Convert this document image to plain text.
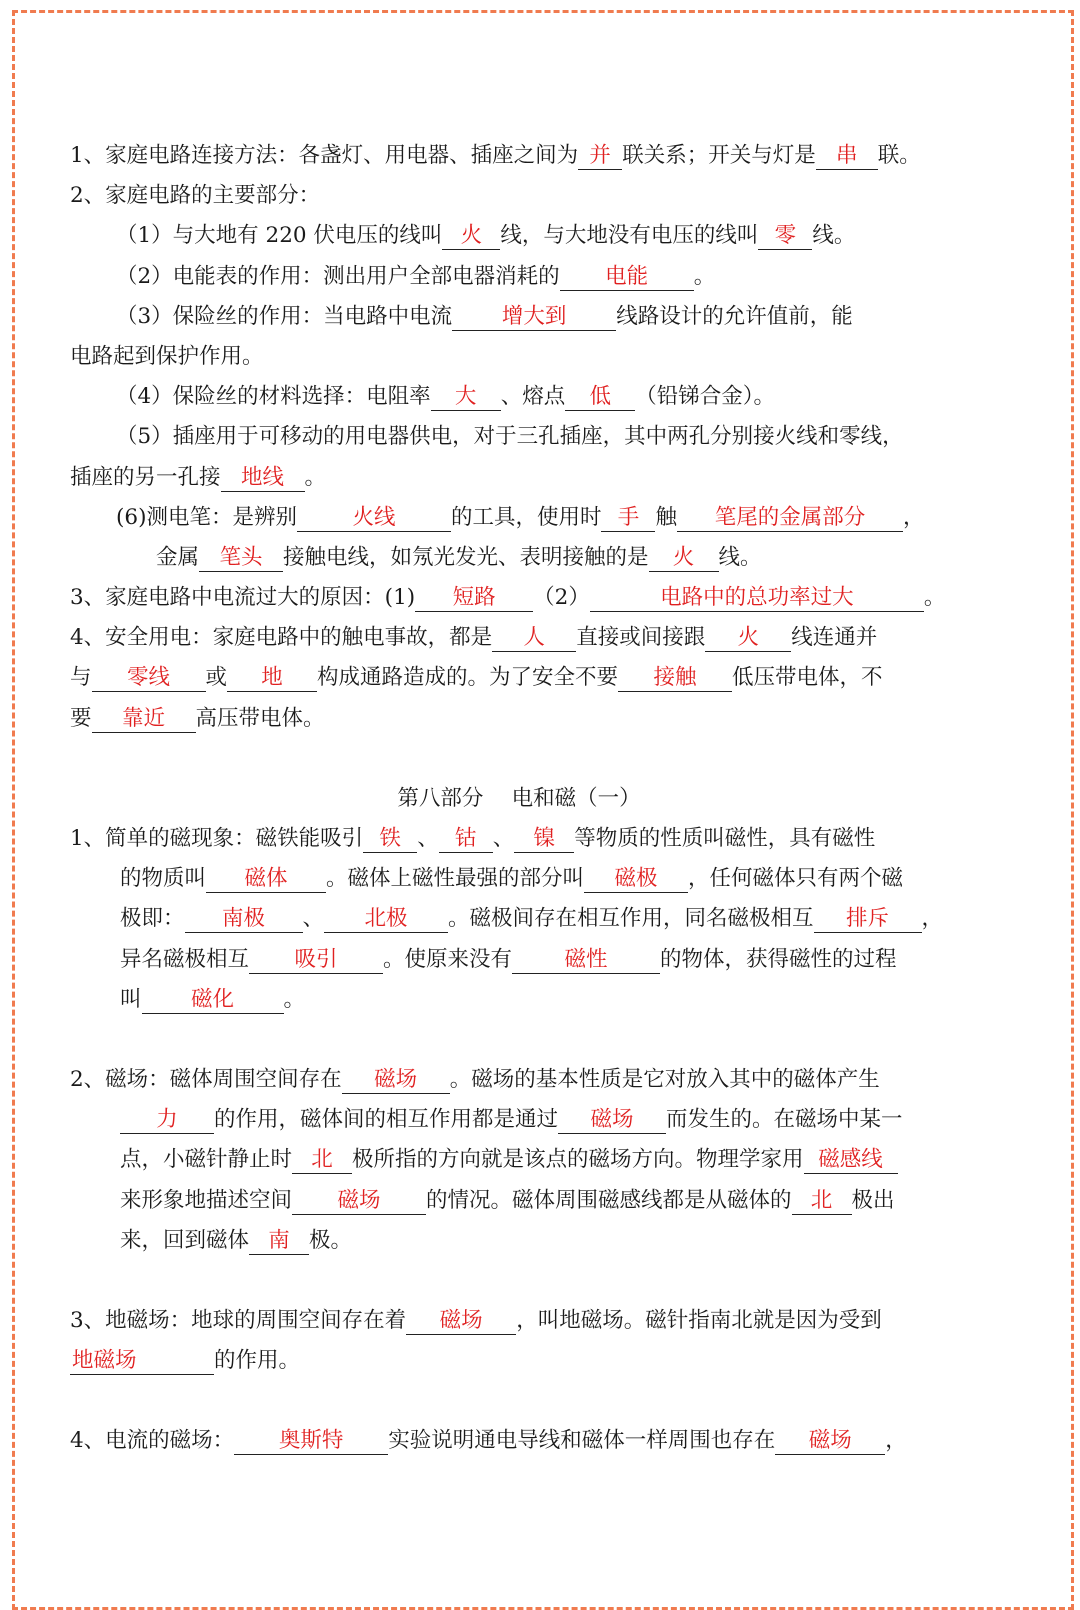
1、家庭电路连接方法：各盏灯、用电器、插座之间为 并 联关系；开关与灯是 串 联。
2、家庭电路的主要部分：
（1）与大地有 220 伏电压的线叫 火 线，与大地没有电压的线叫 零 线。
（2）电能表的作用：测出用户全部电器消耗的 电能 。
（3）保险丝的作用：当电路中电流 增大到 线路设计的允许值前，能
电路起到保护作用。
（4）保险丝的材料选择：电阻率 大 、熔点 低 （铅锑合金）。
（5）插座用于可移动的用电器供电，对于三孔插座，其中两孔分别接火线和零线，
插座的另一孔接 地线 。
(6)测电笔：是辨别	火线	的工具，使用时 手 触 笔尾的金属部分 ，
金属 笔头 接触电线，如氖光发光、表明接触的是 火 线。
3、家庭电路中电流过大的原因：(1) 短路 （2）	电路中的总功率过大	。
4、安全用电：家庭电路中的触电事故，都是 人 直接或间接跟 火 线连通并
与 零线 或 地 构成通路造成的。为了安全不要 接触 低压带电体，不
要 靠近 高压带电体。
第八部分　 电和磁（一）
1、简单的磁现象：磁铁能吸引 铁 、 钴 、 镍 等物质的性质叫磁性，具有磁性
的物质叫 磁体 。磁体上磁性最强的部分叫 磁极 ，任何磁体只有两个磁
极即： 南极 、 北极 。磁极间存在相互作用，同名磁极相互 排斥 ，
异名磁极相互 吸引 。使原来没有 磁性 的物体，获得磁性的过程
叫 磁化 。
2、磁场：磁体周围空间存在 磁场 。磁场的基本性质是它对放入其中的磁体产生
力 的作用，磁体间的相互作用都是通过 磁场 而发生的。在磁场中某一
点，小磁针静止时 北 极所指的方向就是该点的磁场方向。物理学家用 磁感线
来形象地描述空间 磁场 的情况。磁体周围磁感线都是从磁体的 北 极出
来，回到磁体 南 极。
3、地磁场：地球的周围空间存在着 磁场 ，叫地磁场。磁针指南北就是因为受到
地磁场	的作用。
4、电流的磁场： 奥斯特 实验说明通电导线和磁体一样周围也存在 磁场 ，
